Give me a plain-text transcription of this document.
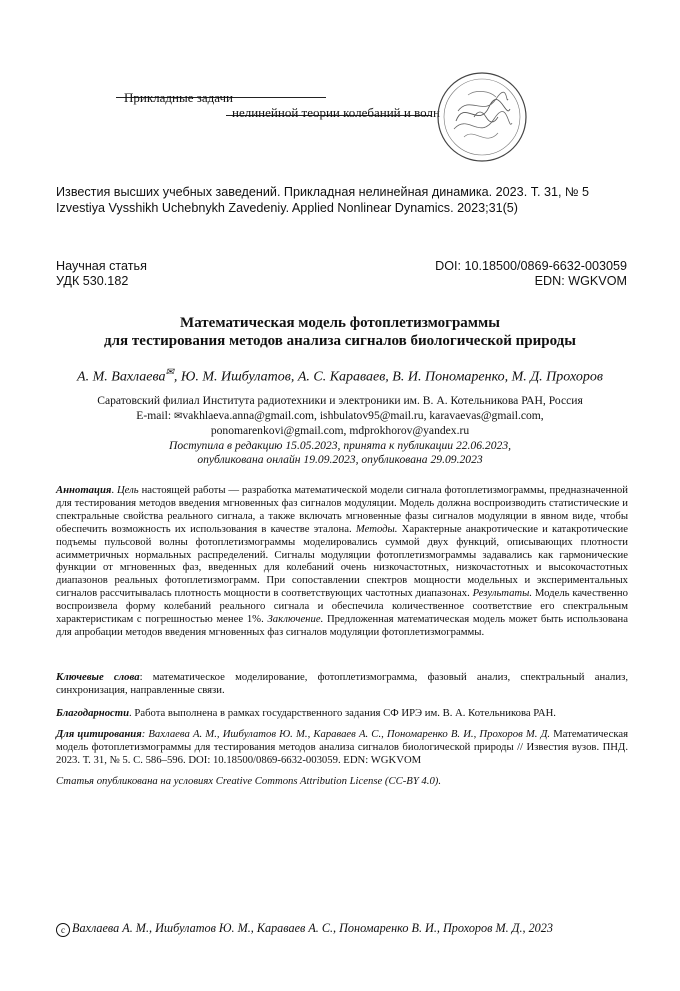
Прикладные задачи
нелинейной теории колебаний и волн
Известия высших учебных заведений. Прикладная нелинейная динамика. 2023. Т. 31, № 5
Izvestiya Vysshikh Uchebnykh Zavedeniy. Applied Nonlinear Dynamics. 2023;31(5)
Научная статья
УДК 530.182
DOI: 10.18500/0869-6632-003059
EDN: WGKVOM
Математическая модель фотоплетизмограммы
для тестирования методов анализа сигналов биологической природы
А. М. Вахлаева✉, Ю. М. Ишбулатов, А. С. Караваев, В. И. Пономаренко, М. Д. Прохоров
Саратовский филиал Института радиотехники и электроники им. В. А. Котельникова РАН, Россия
E-mail: ✉vakhlaeva.anna@gmail.com, ishbulatov95@mail.ru, karavaevas@gmail.com,
ponomarenkovi@gmail.com, mdprokhorov@yandex.ru
Поступила в редакцию 15.05.2023, принята к публикации 22.06.2023,
опубликована онлайн 19.09.2023, опубликована 29.09.2023
Аннотация. Цель настоящей работы — разработка математической модели сигнала фотоплетизмограммы, предназначенной для тестирования методов введения мгновенных фаз сигналов модуляции. Модель должна воспроизводить статистические и спектральные свойства реального сигнала, а также включать мгновенные фазы сигналов модуляции в явном виде, чтобы обеспечить возможность их использования в качестве эталона. Методы. Характерные анакротические и катакротические подъемы пульсовой волны фотоплетизмограммы моделировались суммой двух функций, описывающих плотности асимметричных нормальных распределений. Сигналы модуляции фотоплетизмограммы задавались как гармонические функции от мгновенных фаз, введенных для колебаний очень низкочастотных, низкочастотных и высокочастотных диапазонов реальных фотоплетизмограмм. При сопоставлении спектров мощности модельных и экспериментальных сигналов рассчитывалась плотность мощности в соответствующих частотных диапазонах. Результаты. Модель качественно воспроизвела форму колебаний реального сигнала и обеспечила количественное соответствие его спектральным характеристикам с погрешностью менее 1%. Заключение. Предложенная математическая модель может быть использована для апробации методов введения мгновенных фаз сигналов модуляции фотоплетизмограммы.
Ключевые слова: математическое моделирование, фотоплетизмограмма, фазовый анализ, спектральный анализ, синхронизация, направленные связи.
Благодарности. Работа выполнена в рамках государственного задания СФ ИРЭ им. В. А. Котельникова РАН.
Для цитирования: Вахлаева А. М., Ишбулатов Ю. М., Караваев А. С., Пономаренко В. И., Прохоров М. Д. Математическая модель фотоплетизмограммы для тестирования методов анализа сигналов биологической природы // Известия вузов. ПНД. 2023. Т. 31, № 5. С. 586–596. DOI: 10.18500/0869-6632-003059. EDN: WGKVOM
Статья опубликована на условиях Creative Commons Attribution License (CC-BY 4.0).
c Вахлаева А. М., Ишбулатов Ю. М., Караваев А. С., Пономаренко В. И., Прохоров М. Д., 2023
